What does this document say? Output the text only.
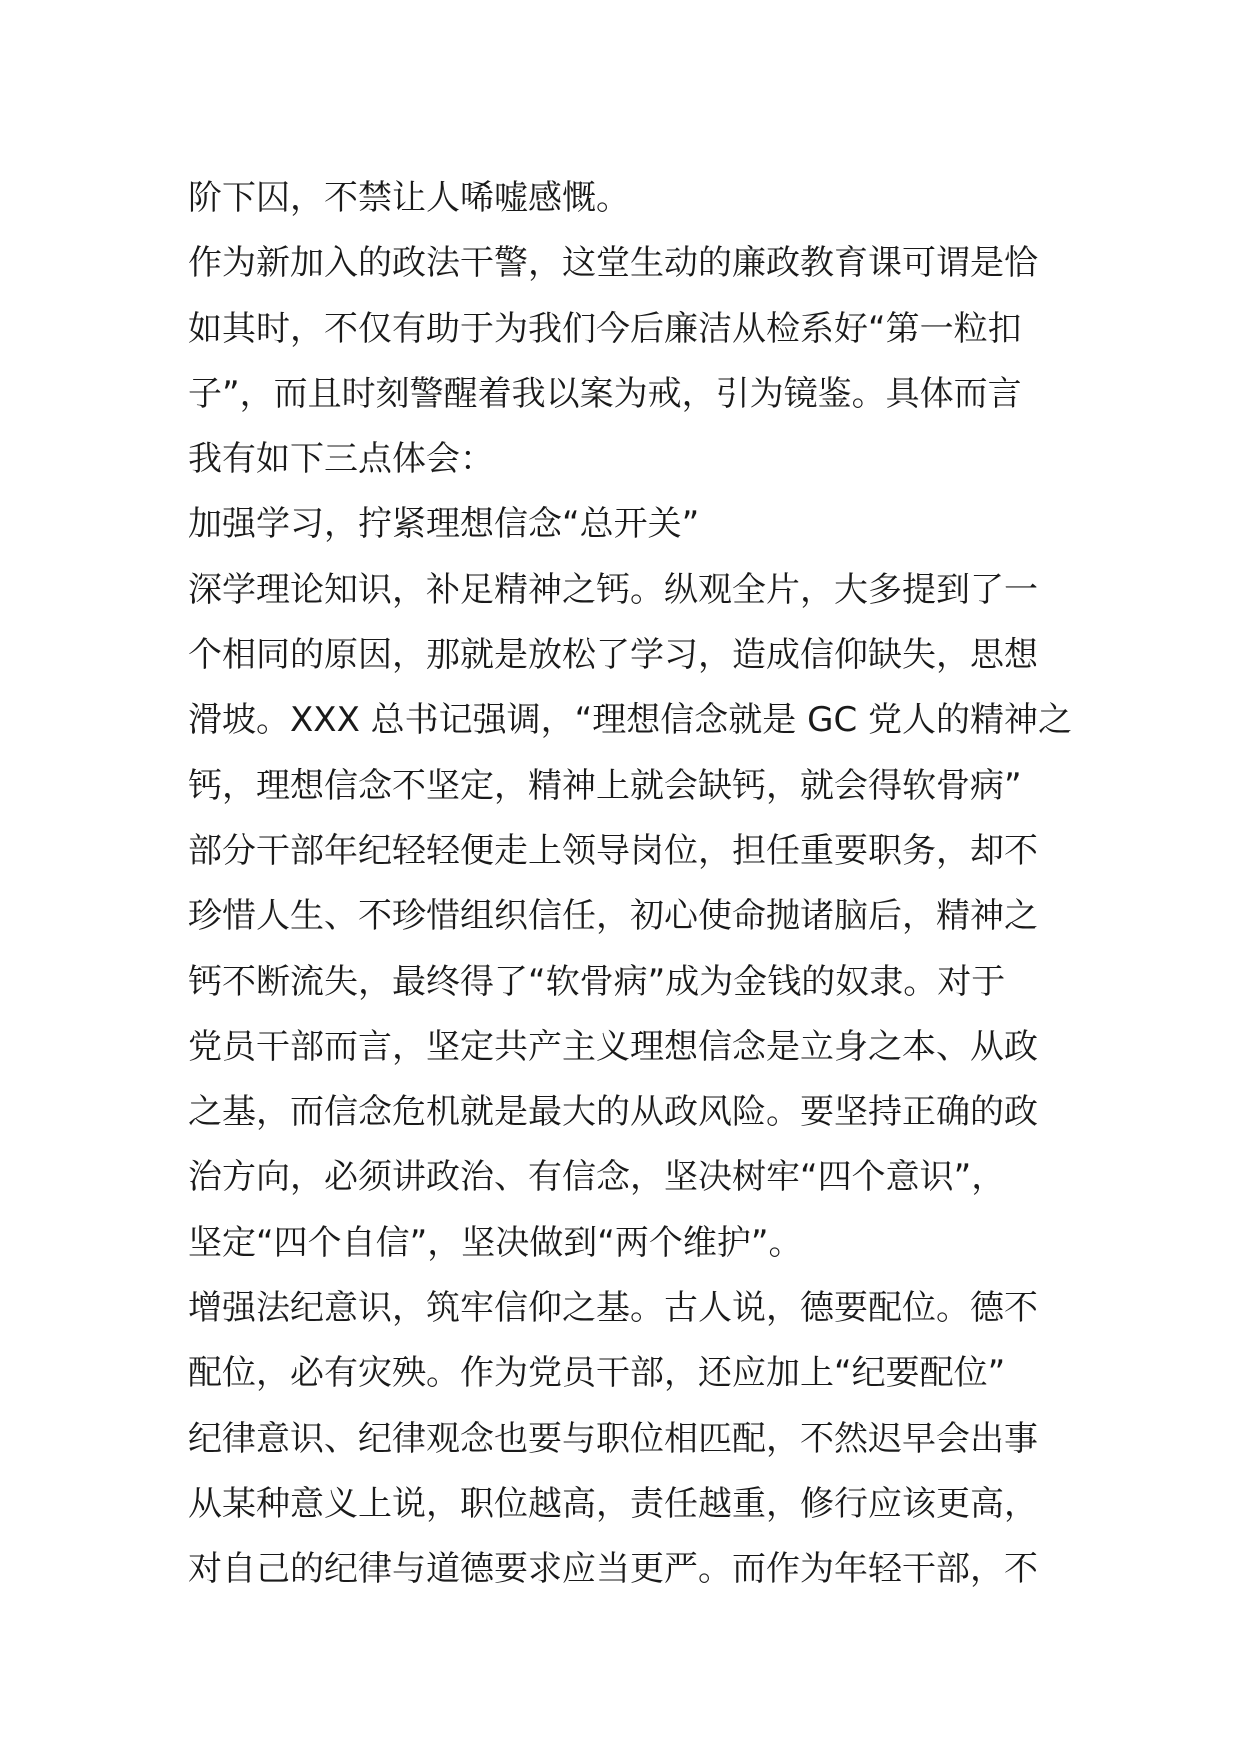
阶下囚，不禁让人唏嘘感慨。
作为新加入的政法干警，这堂生动的廉政教育课可谓是恰
如其时，不仅有助于为我们今后廉洁从检系好“第一粒扣
子”，而且时刻警醒着我以案为戒，引为镜鉴。具体而言
我有如下三点体会：
加强学习，拧紧理想信念“总开关”
深学理论知识，补足精神之钙。纵观全片，大多提到了一
个相同的原因，那就是放松了学习，造成信仰缺失，思想
滑坡。XXX 总书记强调，“理想信念就是 GC 党人的精神之
钙，理想信念不坚定，精神上就会缺钙，就会得软骨病”
部分干部年纪轻轻便走上领导岗位，担任重要职务，却不
珍惜人生、不珍惜组织信任，初心使命抛诸脑后，精神之
钙不断流失，最终得了“软骨病”成为金钱的奴隶。对于
党员干部而言，坚定共产主义理想信念是立身之本、从政
之基，而信念危机就是最大的从政风险。要坚持正确的政
治方向，必须讲政治、有信念，坚决树牢“四个意识”，
坚定“四个自信”，坚决做到“两个维护”。
增强法纪意识，筑牢信仰之基。古人说，德要配位。德不
配位，必有灾殃。作为党员干部，还应加上“纪要配位”
纪律意识、纪律观念也要与职位相匹配，不然迟早会出事
从某种意义上说，职位越高，责任越重，修行应该更高，
对自己的纪律与道德要求应当更严。而作为年轻干部，不
